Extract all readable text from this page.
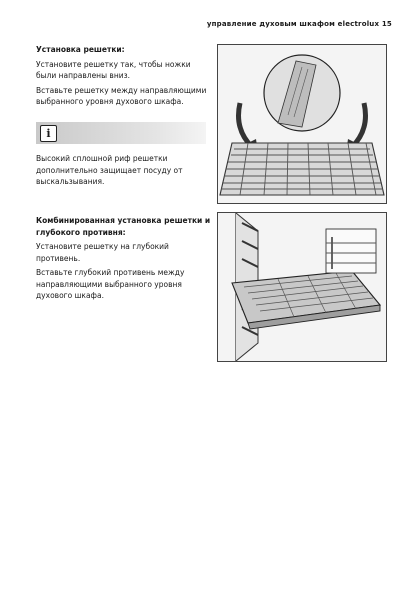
управление духовым шкафом electrolux 15

Установка решетки:

Установите решетку так, чтобы ножки были направлены вниз.

Вставьте решетку между направляющими выбранного уровня духового шкафа.

i
Высокий сплошной риф решетки дополнительно защищает посуду от выскальзывания.

Комбинированная установка решетки и глубокого противня:

Установите решетку на глубокий противень.

Вставьте глубокий противень между направляющими выбранного уровня духового шкафа.
